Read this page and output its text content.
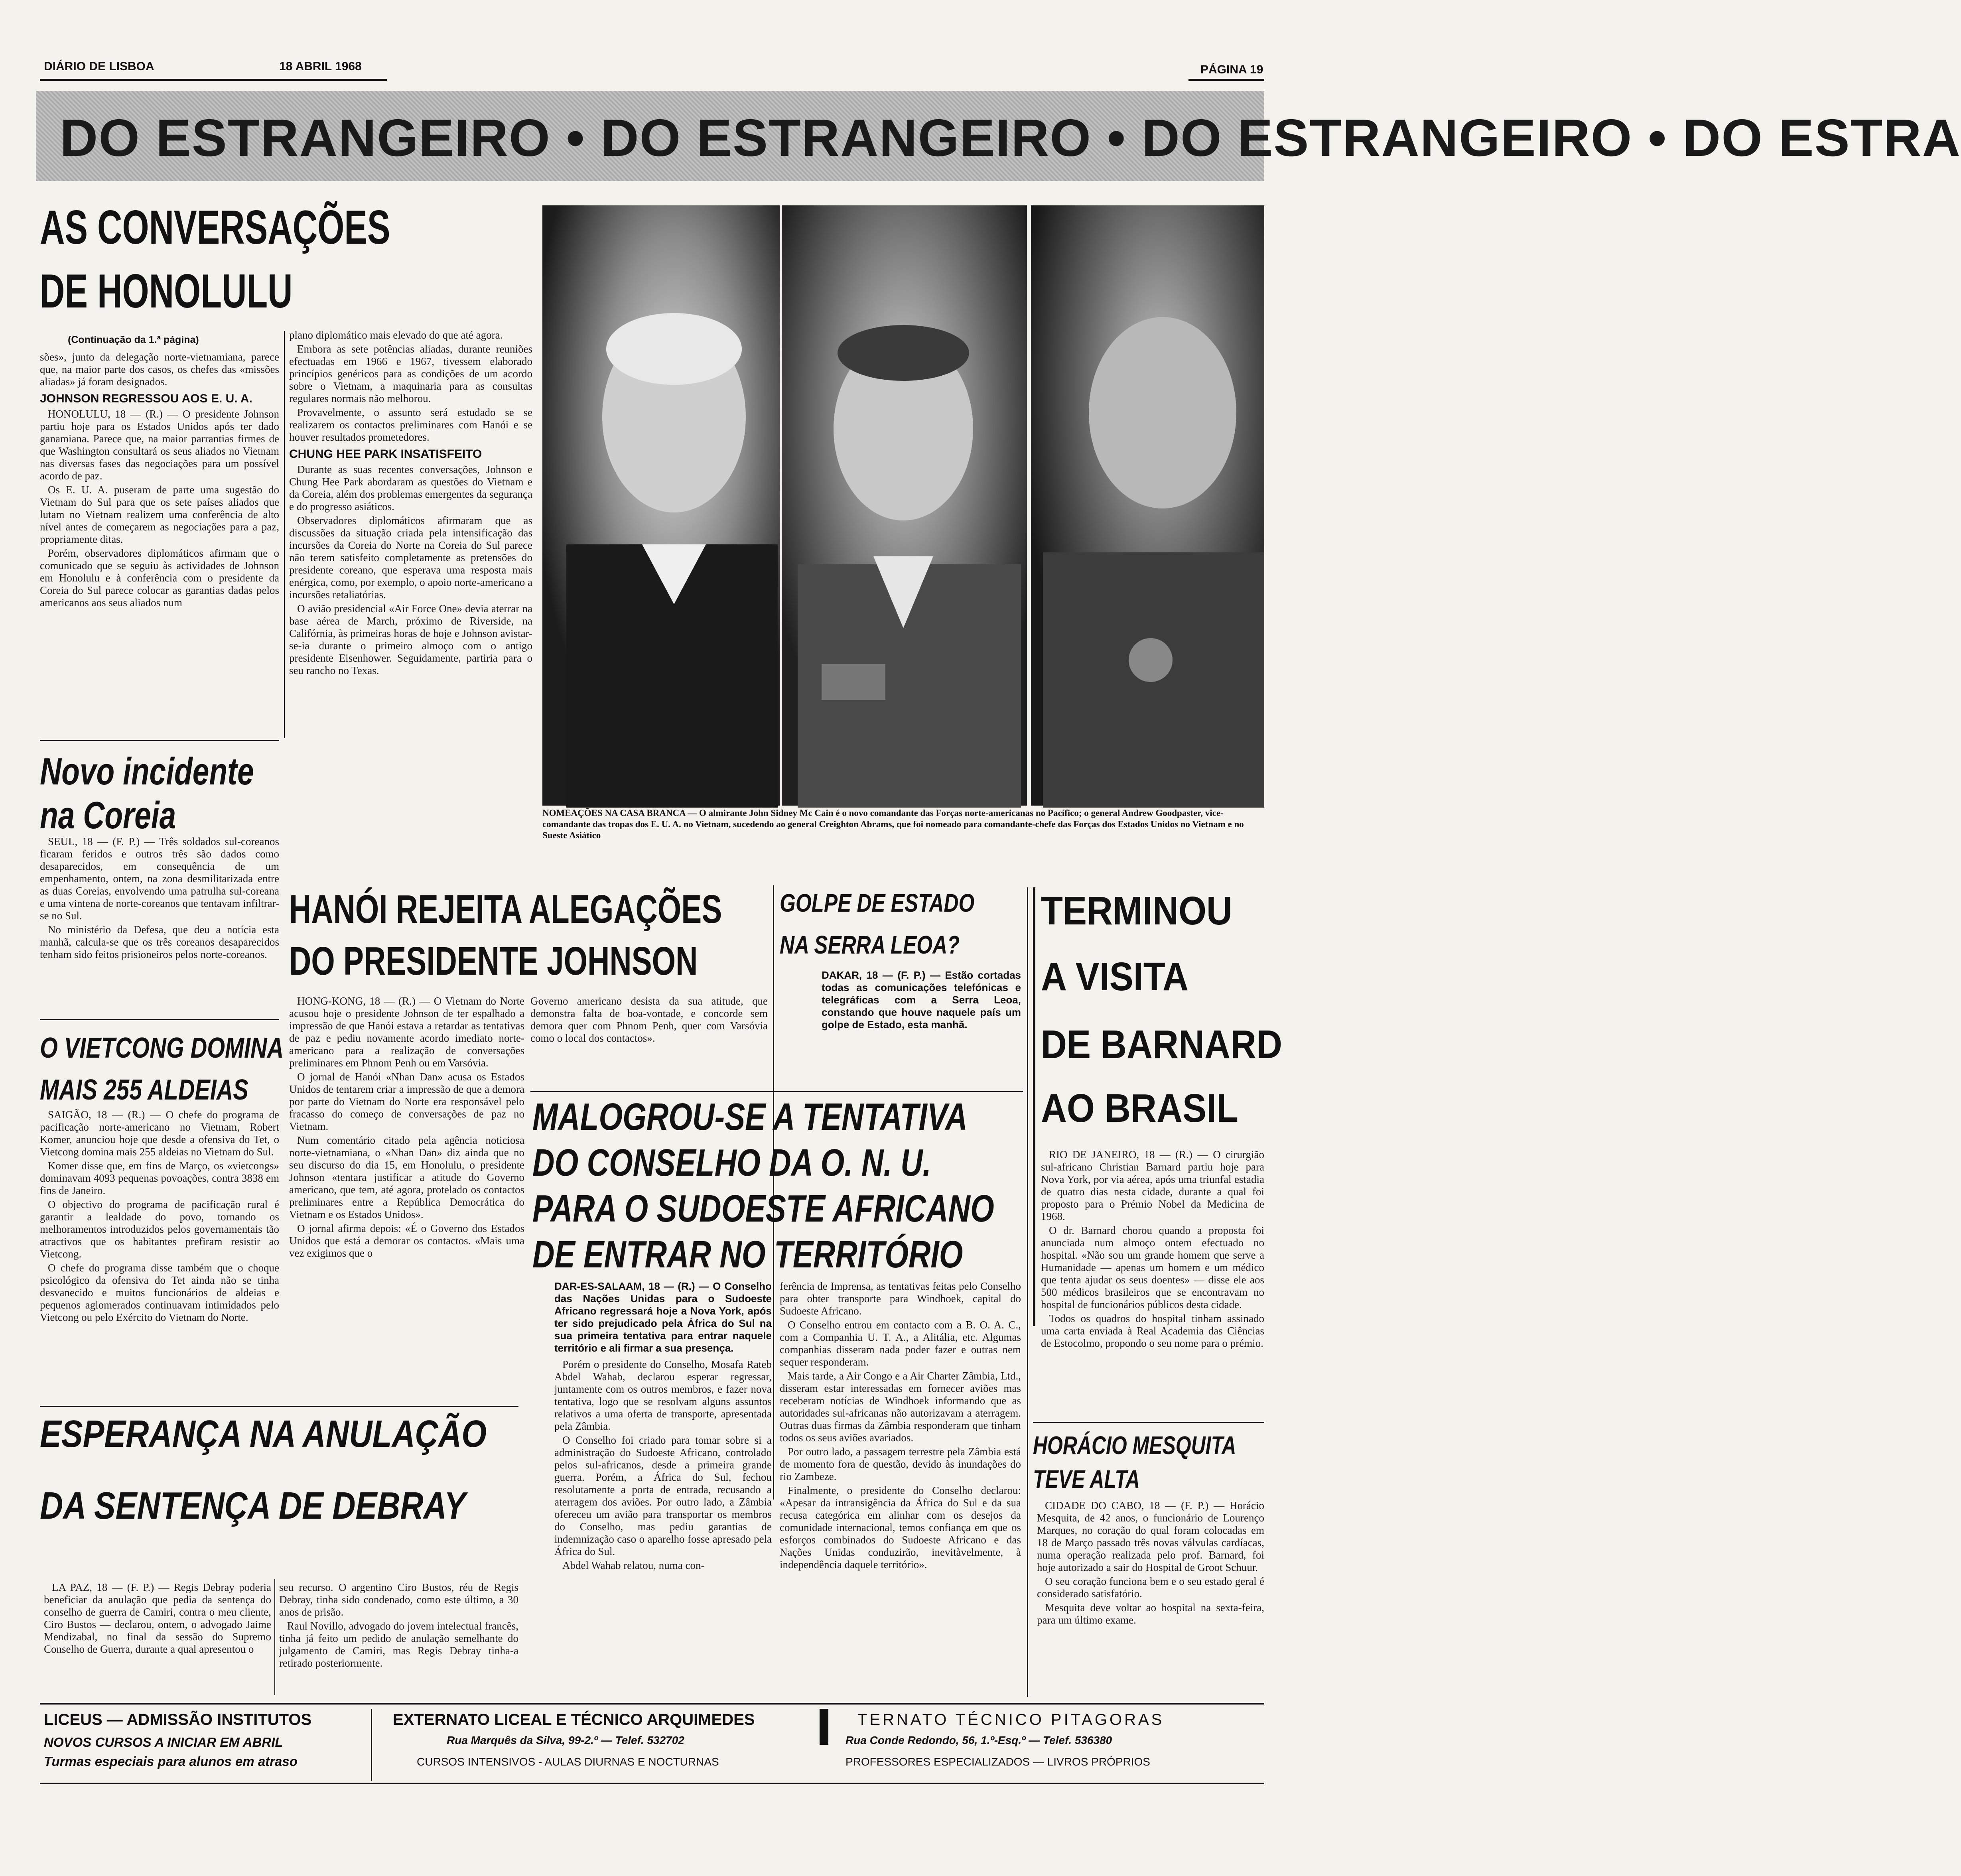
DIÁRIO DE LISBOA	18 ABRIL 1968	PÁGINA 19
DO ESTRANGEIRO • DO ESTRANGEIRO • DO ESTRANGEIRO • DO ESTRA
AS CONVERSAÇÕES
DE HONOLULU
(Continuação da 1.ª página)

sões», junto da delegação norte-vietnamiana, parece que, na maior parte dos casos, os chefes das «missões aliadas» já foram designados.

JOHNSON REGRESSOU AOS E. U. A.

HONOLULU, 18 — (R.) — O presidente Johnson partiu hoje para os Estados Unidos após ter dado ganamiana. Parece que, na maior parrantias firmes de que Washington consultará os seus aliados no Vietnam nas diversas fases das negociações para um possível acordo de paz.

Os E. U. A. puseram de parte uma sugestão do Vietnam do Sul para que os sete países aliados que lutam no Vietnam realizem uma conferência de alto nível antes de começarem as negociações para a paz, propriamente ditas.

Porém, observadores diplomáticos afirmam que o comunicado que se seguiu às actividades de Johnson em Honolulu e à conferência com o presidente da Coreia do Sul parece colocar as garantias dadas pelos americanos aos seus aliados num

plano diplomático mais elevado do que até agora.

Embora as sete potências aliadas, durante reuniões efectuadas em 1966 e 1967, tivessem elaborado princípios genéricos para as condições de um acordo sobre o Vietnam, a maquinaria para as consultas regulares normais não melhorou.

Provavelmente, o assunto será estudado se se realizarem os contactos preliminares com Hanói e se houver resultados prometedores.

CHUNG HEE PARK INSATISFEITO

Durante as suas recentes conversações, Johnson e Chung Hee Park abordaram as questões do Vietnam e da Coreia, além dos problemas emergentes da segurança e do progresso asiáticos.

Observadores diplomáticos afirmaram que as discussões da situação criada pela intensificação das incursões da Coreia do Norte na Coreia do Sul parece não terem satisfeito completamente as pretensões do presidente coreano, que esperava uma resposta mais enérgica, como, por exemplo, o apoio norte-americano a incursões retaliatórias.

O avião presidencial «Air Force One» devia aterrar na base aérea de March, próximo de Riverside, na Califórnia, às primeiras horas de hoje e Johnson avistar-se-ia durante o primeiro almoço com o antigo presidente Eisenhower. Seguidamente, partiria para o seu rancho no Texas.

Novo incidente
na Coreia

SEUL, 18 — (F. P.) — Três soldados sul-coreanos ficaram feridos e outros três são dados como desaparecidos, em consequência de um empenhamento, ontem, na zona desmilitarizada entre as duas Coreias, envolvendo uma patrulha sul-coreana e uma vintena de norte-coreanos que tentavam infiltrar-se no Sul.

No ministério da Defesa, que deu a notícia esta manhã, calcula-se que os três coreanos desaparecidos tenham sido feitos prisioneiros pelos norte-coreanos.

O VIETCONG DOMINA
MAIS 255 ALDEIAS

SAIGÃO, 18 — (R.) — O chefe do programa de pacificação norte-americano no Vietnam, Robert Komer, anunciou hoje que desde a ofensiva do Tet, o Vietcong domina mais 255 aldeias no Vietnam do Sul.

Komer disse que, em fins de Março, os «vietcongs» dominavam 4093 pequenas povoações, contra 3838 em fins de Janeiro.

O objectivo do programa de pacificação rural é garantir a lealdade do povo, tornando os melhoramentos introduzidos pelos governamentais tão atractivos que os habitantes prefiram resistir ao Vietcong.

O chefe do programa disse também que o choque psicológico da ofensiva do Tet ainda não se tinha desvanecido e muitos funcionários de aldeias e pequenos aglomerados continuavam intimidados pelo Vietcong ou pelo Exército do Vietnam do Norte.

NOMEAÇÕES NA CASA BRANCA — O almirante John Sidney Mc Cain é o novo comandante das Forças norte-americanas no Pacífico; o general Andrew Goodpaster, vice-comandante das tropas dos E. U. A. no Vietnam, sucedendo ao general Creighton Abrams, que foi nomeado para comandante-chefe das Forças dos Estados Unidos no Vietnam e no Sueste Asiático
HANÓI REJEITA ALEGAÇÕES
DO PRESIDENTE JOHNSON

HONG-KONG, 18 — (R.) — O Vietnam do Norte acusou hoje o presidente Johnson de ter espalhado a impressão de que Hanói estava a retardar as tentativas de paz e pediu novamente acordo imediato norte-americano para a realização de conversações preliminares em Phnom Penh ou em Varsóvia.

O jornal de Hanói «Nhan Dan» acusa os Estados Unidos de tentarem criar a impressão de que a demora por parte do Vietnam do Norte era responsável pelo fracasso do começo de conversações de paz no Vietnam.

Num comentário citado pela agência noticiosa norte-vietnamiana, o «Nhan Dan» diz ainda que no seu discurso do dia 15, em Honolulu, o presidente Johnson «tentara justificar a atitude do Governo americano, que tem, até agora, protelado os contactos preliminares entre a República Democrática do Vietnam e os Estados Unidos».

O jornal afirma depois: «É o Governo dos Estados Unidos que está a demorar os contactos. «Mais uma vez exigimos que o

Governo americano desista da sua atitude, que demonstra falta de boa-vontade, e concorde sem demora quer com Phnom Penh, quer com Varsóvia como o local dos contactos».

GOLPE DE ESTADO
NA SERRA LEOA?

DAKAR, 18 — (F. P.) — Estão cortadas todas as comunicações telefónicas e telegráficas com a Serra Leoa, constando que houve naquele país um golpe de Estado, esta manhã.

MALOGROU-SE A TENTATIVA
DO CONSELHO DA O. N. U.
PARA O SUDOESTE AFRICANO
DE ENTRAR NO TERRITÓRIO

DAR-ES-SALAAM, 18 — (R.) — O Conselho das Nações Unidas para o Sudoeste Africano regressará hoje a Nova York, após ter sido prejudicado pela África do Sul na sua primeira tentativa para entrar naquele território e ali firmar a sua presença.

Porém o presidente do Conselho, Mosafa Rateb Abdel Wahab, declarou esperar regressar, juntamente com os outros membros, e fazer nova tentativa, logo que se resolvam alguns assuntos relativos a uma oferta de transporte, apresentada pela Zâmbia.

O Conselho foi criado para tomar sobre si a administração do Sudoeste Africano, controlado pelos sul-africanos, desde a primeira grande guerra. Porém, a África do Sul, fechou resolutamente a porta de entrada, recusando a aterragem dos aviões. Por outro lado, a Zâmbia ofereceu um avião para transportar os membros do Conselho, mas pediu garantias de indemnização caso o aparelho fosse apresado pela África do Sul.

Abdel Wahab relatou, numa con-

ferência de Imprensa, as tentativas feitas pelo Conselho para obter transporte para Windhoek, capital do Sudoeste Africano.

O Conselho entrou em contacto com a B. O. A. C., com a Companhia U. T. A., a Alitália, etc. Algumas companhias disseram nada poder fazer e outras nem sequer responderam.

Mais tarde, a Air Congo e a Air Charter Zâmbia, Ltd., disseram estar interessadas em fornecer aviões mas receberam notícias de Windhoek informando que as autoridades sul-africanas não autorizavam a aterragem. Outras duas firmas da Zâmbia responderam que tinham todos os seus aviões avariados.

Por outro lado, a passagem terrestre pela Zâmbia está de momento fora de questão, devido às inundações do rio Zambeze.

Finalmente, o presidente do Conselho declarou: «Apesar da intransigência da África do Sul e da sua recusa categórica em alinhar com os desejos da comunidade internacional, temos confiança em que os esforços combinados do Sudoeste Africano e das Nações Unidas conduzirão, inevitàvelmente, à independência daquele território».

TERMINOU
A VISITA
DE BARNARD
AO BRASIL

RIO DE JANEIRO, 18 — (R.) — O cirurgião sul-africano Christian Barnard partiu hoje para Nova York, por via aérea, após uma triunfal estadia de quatro dias nesta cidade, durante a qual foi proposto para o Prémio Nobel da Medicina de 1968.

O dr. Barnard chorou quando a proposta foi anunciada num almoço ontem efectuado no hospital. «Não sou um grande homem que serve a Humanidade — apenas um homem e um médico que tenta ajudar os seus doentes» — disse ele aos 500 médicos brasileiros que se encontravam no hospital de funcionários públicos desta cidade.

Todos os quadros do hospital tinham assinado uma carta enviada à Real Academia das Ciências de Estocolmo, propondo o seu nome para o prémio.

HORÁCIO MESQUITA
TEVE ALTA

CIDADE DO CABO, 18 — (F. P.) — Horácio Mesquita, de 42 anos, o funcionário de Lourenço Marques, no coração do qual foram colocadas em 18 de Março passado três novas válvulas cardíacas, numa operação realizada pelo prof. Barnard, foi hoje autorizado a sair do Hospital de Groot Schuur.

O seu coração funciona bem e o seu estado geral é considerado satisfatório.

Mesquita deve voltar ao hospital na sexta-feira, para um último exame.

ESPERANÇA NA ANULAÇÃO
DA SENTENÇA DE DEBRAY

LA PAZ, 18 — (F. P.) — Regis Debray poderia beneficiar da anulação que pedia da sentença do conselho de guerra de Camiri, contra o meu cliente, Ciro Bustos — declarou, ontem, o advogado Jaime Mendizabal, no final da sessão do Supremo Conselho de Guerra, durante a qual apresentou o

seu recurso. O argentino Ciro Bustos, réu de Regis Debray, tinha sido condenado, como este último, a 30 anos de prisão.

Raul Novillo, advogado do jovem intelectual francês, tinha já feito um pedido de anulação semelhante do julgamento de Camiri, mas Regis Debray tinha-a retirado posteriormente.

LICEUS — ADMISSÃO INSTITUTOS
NOVOS CURSOS A INICIAR EM ABRIL
Turmas especiais para alunos em atraso
EXTERNATO LICEAL E TÉCNICO ARQUIMEDES
Rua Marquês da Silva, 99-2.º — Telef. 532702
CURSOS INTENSIVOS - AULAS DIURNAS E NOCTURNAS
TERNATO TÉCNICO PITAGORAS
Rua Conde Redondo, 56, 1.º-Esq.º — Telef. 536380
PROFESSORES ESPECIALIZADOS — LIVROS PRÓPRIOS
